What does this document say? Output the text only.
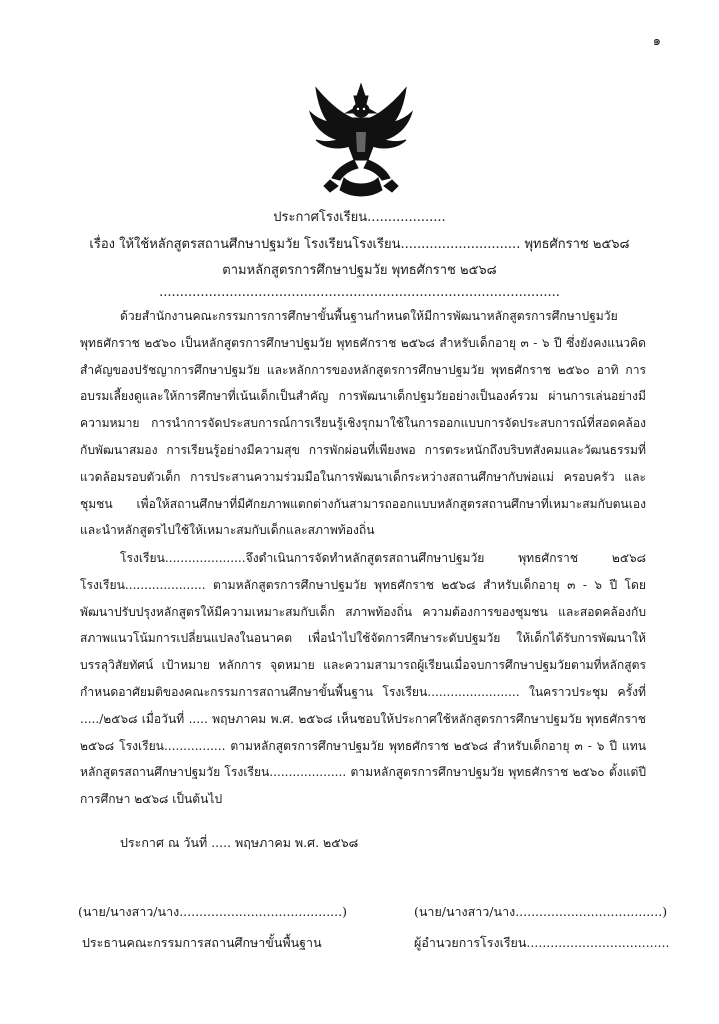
๑
ประกาศโรงเรียน...................
เรื่อง ให้ใช้หลักสูตรสถานศึกษาปฐมวัย โรงเรียนโรงเรียน............................. พุทธศักราช ๒๕๖๘
ตามหลักสูตรการศึกษาปฐมวัย พุทธศักราช ๒๕๖๘
.................................................................................................

ด้วยสำนักงานคณะกรรมการการศึกษาขั้นพื้นฐานกำหนดให้มีการพัฒนาหลักสูตรการศึกษาปฐมวัย พุทธศักราช ๒๕๖๐ เป็นหลักสูตรการศึกษาปฐมวัย พุทธศักราช ๒๕๖๘ สำหรับเด็กอายุ ๓ - ๖ ปี ซึ่งยังคงแนวคิดสำคัญของปรัชญาการศึกษาปฐมวัย และหลักการของหลักสูตรการศึกษาปฐมวัย พุทธศักราช ๒๕๖๐ อาทิ การอบรมเลี้ยงดูและให้การศึกษาที่เน้นเด็กเป็นสำคัญ การพัฒนาเด็กปฐมวัยอย่างเป็นองค์รวม ผ่านการเล่นอย่างมีความหมาย การนำการจัดประสบการณ์การเรียนรู้เชิงรุกมาใช้ในการออกแบบการจัดประสบการณ์ที่สอดคล้องกับพัฒนาสมอง การเรียนรู้อย่างมีความสุข การพักผ่อนที่เพียงพอ การตระหนักถึงบริบทสังคมและวัฒนธรรมที่แวดล้อมรอบตัวเด็ก การประสานความร่วมมือในการพัฒนาเด็กระหว่างสถานศึกษากับพ่อแม่ ครอบครัว และชุมชน เพื่อให้สถานศึกษาที่มีศักยภาพแตกต่างกันสามารถออกแบบหลักสูตรสถานศึกษาที่เหมาะสมกับตนเองและนำหลักสูตรไปใช้ให้เหมาะสมกับเด็กและสภาพท้องถิ่น

โรงเรียน.....................จึงดำเนินการจัดทำหลักสูตรสถานศึกษาปฐมวัย พุทธศักราช ๒๕๖๘ โรงเรียน..................... ตามหลักสูตรการศึกษาปฐมวัย พุทธศักราช ๒๕๖๘ สำหรับเด็กอายุ ๓ - ๖ ปี โดยพัฒนาปรับปรุงหลักสูตรให้มีความเหมาะสมกับเด็ก สภาพท้องถิ่น ความต้องการของชุมชน และสอดคล้องกับสภาพแนวโน้มการเปลี่ยนแปลงในอนาคต เพื่อนำไปใช้จัดการศึกษาระดับปฐมวัย ให้เด็กได้รับการพัฒนาให้บรรลุวิสัยทัศน์ เป้าหมาย หลักการ จุดหมาย และความสามารถผู้เรียนเมื่อจบการศึกษาปฐมวัยตามที่หลักสูตรกำหนดอาศัยมติของคณะกรรมการสถานศึกษาขั้นพื้นฐาน โรงเรียน........................ ในคราวประชุม ครั้งที่ ...../๒๕๖๘ เมื่อวันที่ ..... พฤษภาคม พ.ศ. ๒๕๖๘ เห็นชอบให้ประกาศใช้หลักสูตรการศึกษาปฐมวัย พุทธศักราช ๒๕๖๘ โรงเรียน................ ตามหลักสูตรการศึกษาปฐมวัย พุทธศักราช ๒๕๖๘ สำหรับเด็กอายุ ๓ - ๖ ปี แทนหลักสูตรสถานศึกษาปฐมวัย โรงเรียน.................... ตามหลักสูตรการศึกษาปฐมวัย พุทธศักราช ๒๕๖๐ ตั้งแต่ปีการศึกษา ๒๕๖๘ เป็นต้นไป

ประกาศ ณ วันที่ ..... พฤษภาคม พ.ศ. ๒๕๖๘
(นาย/นางสาว/นาง.........................................)
ประธานคณะกรรมการสถานศึกษาขั้นพื้นฐาน
(นาย/นางสาว/นาง.....................................)
ผู้อำนวยการโรงเรียน....................................
